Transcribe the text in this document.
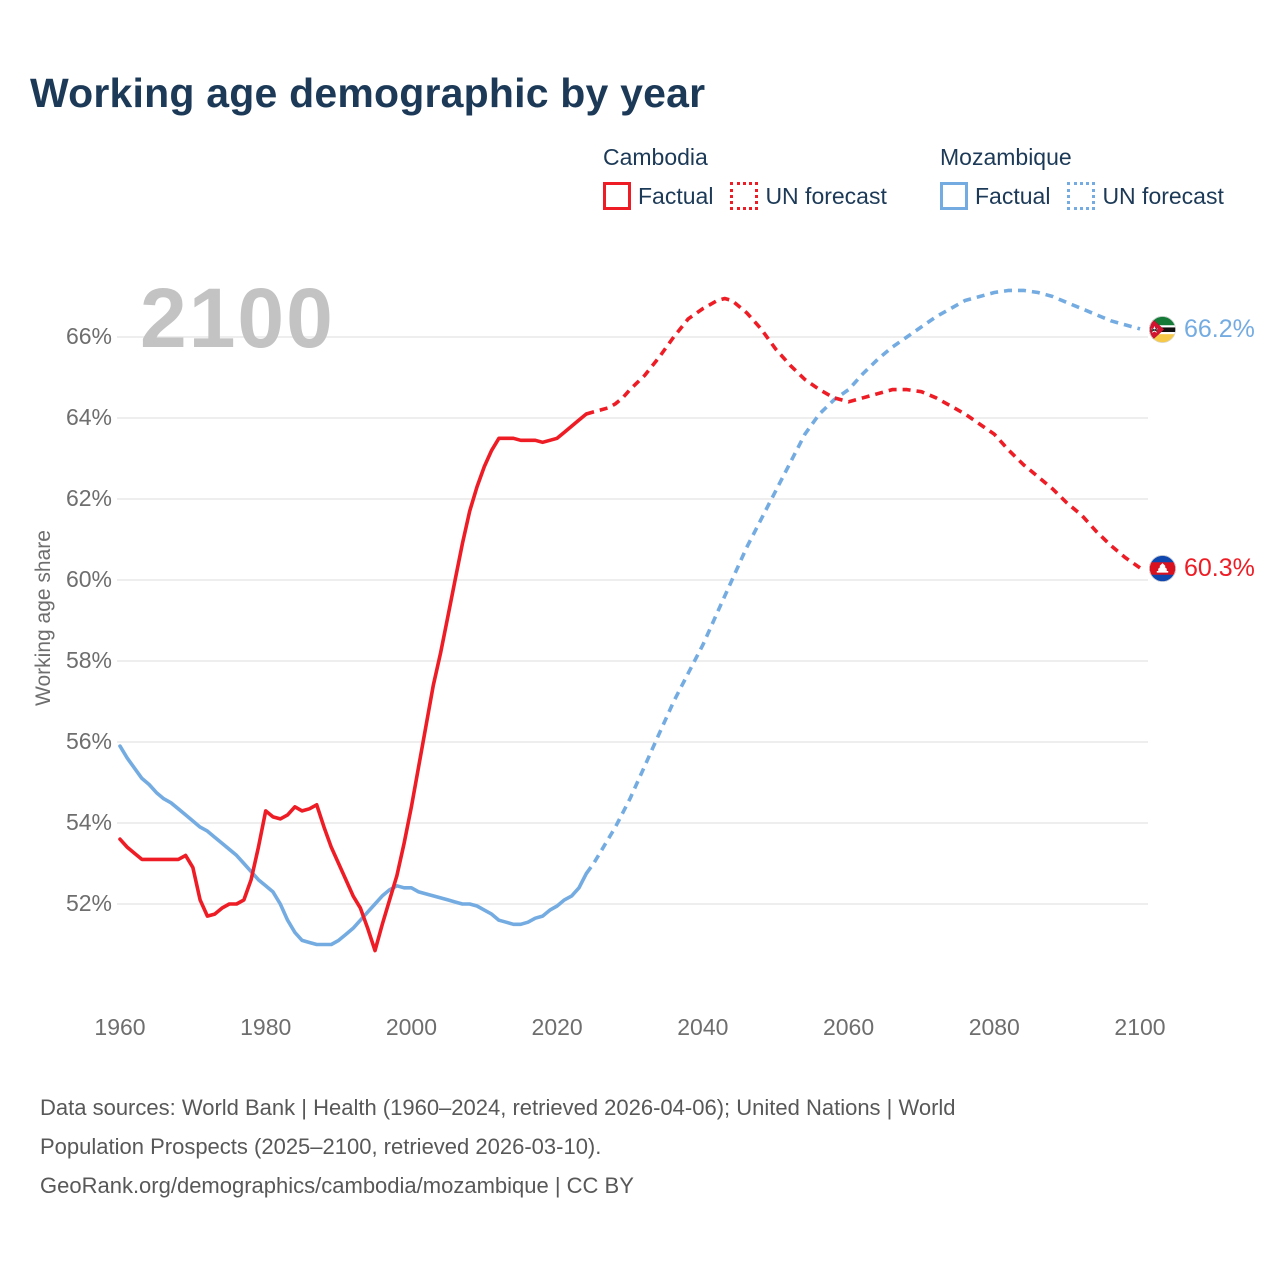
Working age demographic by year
Cambodia
Factual UN forecast
Mozambique
Factual UN forecast
Working age share
2100
52%
54%
56%
58%
60%
62%
64%
66%
1960	1980	2000	2020	2040	2060	2080	2100
66.2%
60.3%
Data sources: World Bank | Health (1960–2024, retrieved 2026-04-06); United Nations | World
Population Prospects (2025–2100, retrieved 2026-03-10).
GeoRank.org/demographics/cambodia/mozambique | CC BY
